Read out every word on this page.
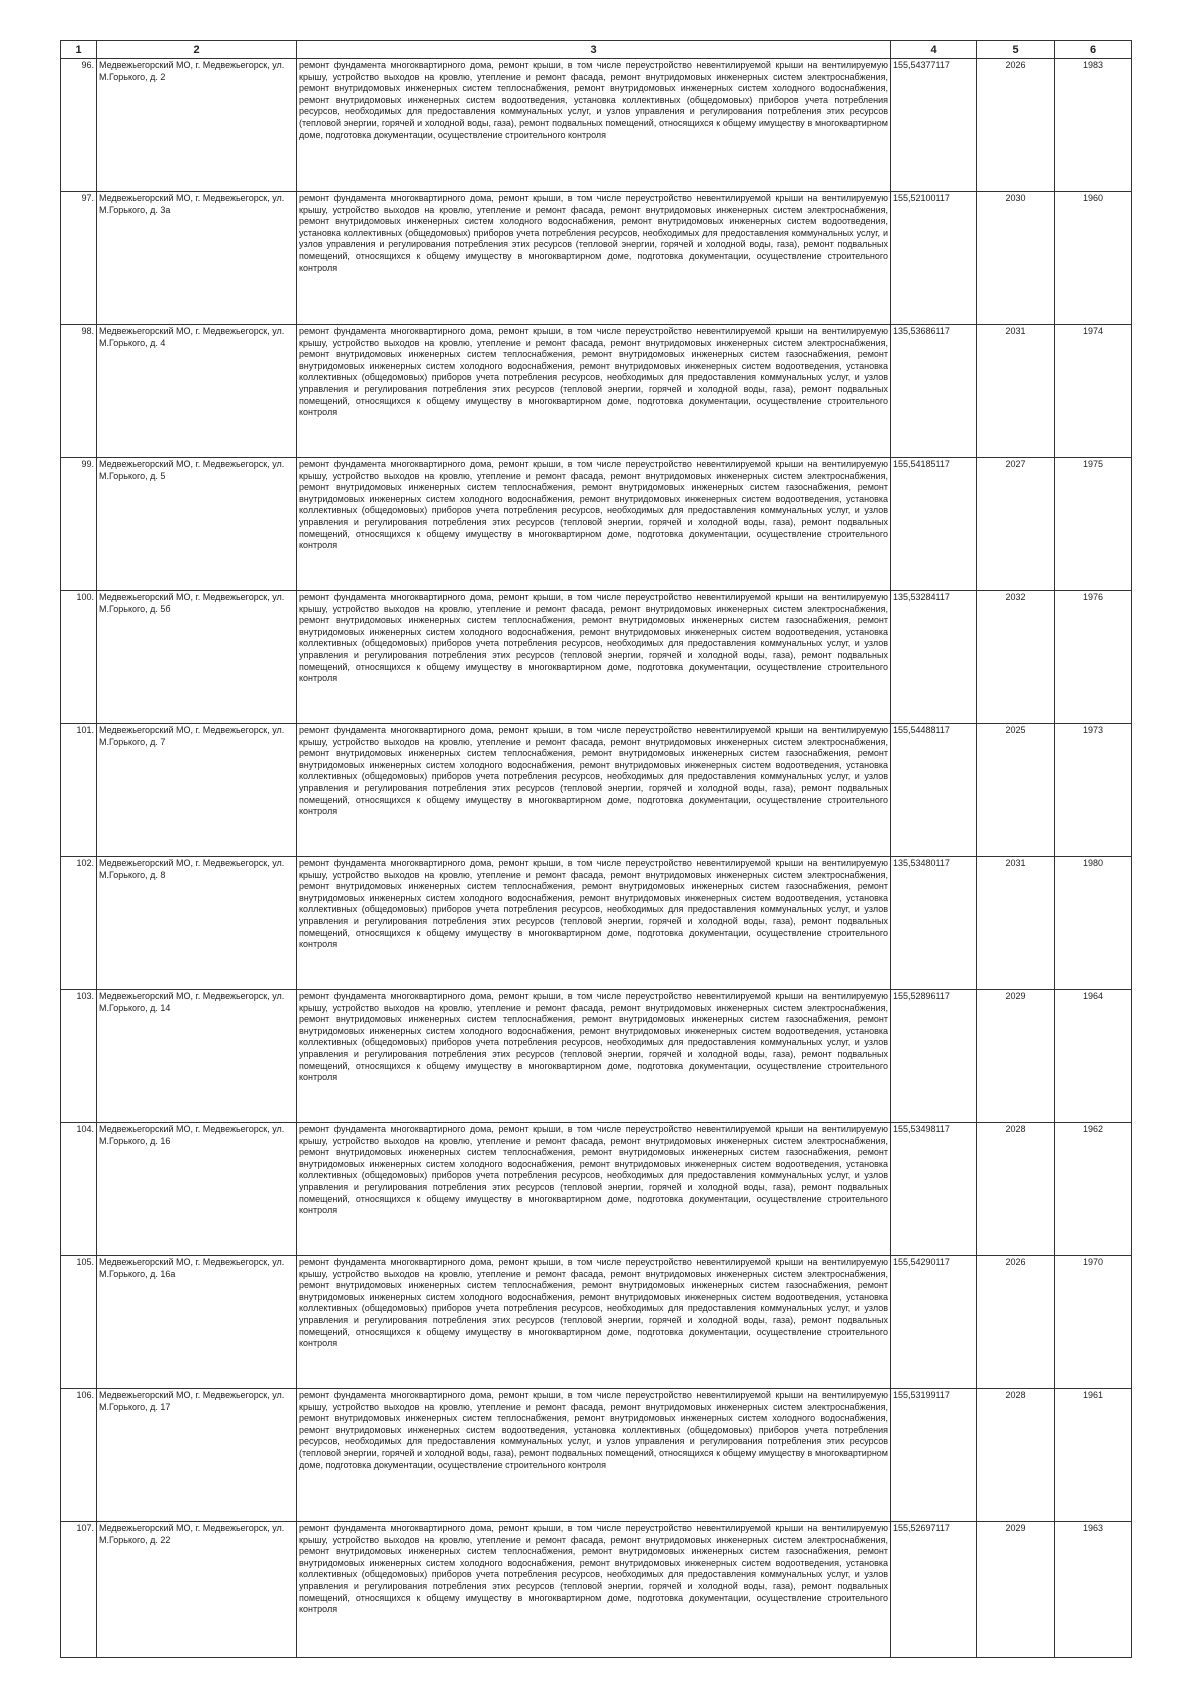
1	2	3	4	5	6
96.	Медвежьегорский МО, г. Медвежьегорск, ул. М.Горького, д. 2	ремонт фундамента многоквартирного дома, ремонт крыши, в том числе переустройство невентилируемой крыши на вентилируемую крышу, устройство выходов на кровлю, утепление и ремонт фасада, ремонт внутридомовых инженерных систем электроснабжения, ремонт внутридомовых инженерных систем теплоснабжения, ремонт внутридомовых инженерных систем холодного водоснабжения, ремонт внутридомовых инженерных систем водоотведения, установка коллективных (общедомовых) приборов учета потребления ресурсов, необходимых для предоставления коммунальных услуг, и узлов управления и регулирования потребления этих ресурсов (тепловой энергии, горячей и холодной воды, газа), ремонт подвальных помещений, относящихся к общему имуществу в многоквартирном доме, подготовка документации, осуществление строительного контроля	155,54377117	2026	1983
97.	Медвежьегорский МО, г. Медвежьегорск, ул. М.Горького, д. 3а	ремонт фундамента многоквартирного дома, ремонт крыши, в том числе переустройство невентилируемой крыши на вентилируемую крышу, устройство выходов на кровлю, утепление и ремонт фасада, ремонт внутридомовых инженерных систем электроснабжения, ремонт внутридомовых инженерных систем холодного водоснабжения, ремонт внутридомовых инженерных систем водоотведения, установка коллективных (общедомовых) приборов учета потребления ресурсов, необходимых для предоставления коммунальных услуг, и узлов управления и регулирования потребления этих ресурсов (тепловой энергии, горячей и холодной воды, газа), ремонт подвальных помещений, относящихся к общему имуществу в многоквартирном доме, подготовка документации, осуществление строительного контроля	155,52100117	2030	1960
98.	Медвежьегорский МО, г. Медвежьегорск, ул. М.Горького, д. 4	ремонт фундамента многоквартирного дома, ремонт крыши, в том числе переустройство невентилируемой крыши на вентилируемую крышу, устройство выходов на кровлю, утепление и ремонт фасада, ремонт внутридомовых инженерных систем электроснабжения, ремонт внутридомовых инженерных систем теплоснабжения, ремонт внутридомовых инженерных систем газоснабжения, ремонт внутридомовых инженерных систем холодного водоснабжения, ремонт внутридомовых инженерных систем водоотведения, установка коллективных (общедомовых) приборов учета потребления ресурсов, необходимых для предоставления коммунальных услуг, и узлов управления и регулирования потребления этих ресурсов (тепловой энергии, горячей и холодной воды, газа), ремонт подвальных помещений, относящихся к общему имуществу в многоквартирном доме, подготовка документации, осуществление строительного контроля	135,53686117	2031	1974
99.	Медвежьегорский МО, г. Медвежьегорск, ул. М.Горького, д. 5	ремонт фундамента многоквартирного дома, ремонт крыши, в том числе переустройство невентилируемой крыши на вентилируемую крышу, устройство выходов на кровлю, утепление и ремонт фасада, ремонт внутридомовых инженерных систем электроснабжения, ремонт внутридомовых инженерных систем теплоснабжения, ремонт внутридомовых инженерных систем газоснабжения, ремонт внутридомовых инженерных систем холодного водоснабжения, ремонт внутридомовых инженерных систем водоотведения, установка коллективных (общедомовых) приборов учета потребления ресурсов, необходимых для предоставления коммунальных услуг, и узлов управления и регулирования потребления этих ресурсов (тепловой энергии, горячей и холодной воды, газа), ремонт подвальных помещений, относящихся к общему имуществу в многоквартирном доме, подготовка документации, осуществление строительного контроля	155,54185117	2027	1975
100.	Медвежьегорский МО, г. Медвежьегорск, ул. М.Горького, д. 5б	ремонт фундамента многоквартирного дома, ремонт крыши, в том числе переустройство невентилируемой крыши на вентилируемую крышу, устройство выходов на кровлю, утепление и ремонт фасада, ремонт внутридомовых инженерных систем электроснабжения, ремонт внутридомовых инженерных систем теплоснабжения, ремонт внутридомовых инженерных систем газоснабжения, ремонт внутридомовых инженерных систем холодного водоснабжения, ремонт внутридомовых инженерных систем водоотведения, установка коллективных (общедомовых) приборов учета потребления ресурсов, необходимых для предоставления коммунальных услуг, и узлов управления и регулирования потребления этих ресурсов (тепловой энергии, горячей и холодной воды, газа), ремонт подвальных помещений, относящихся к общему имуществу в многоквартирном доме, подготовка документации, осуществление строительного контроля	135,53284117	2032	1976
101.	Медвежьегорский МО, г. Медвежьегорск, ул. М.Горького, д. 7	ремонт фундамента многоквартирного дома, ремонт крыши, в том числе переустройство невентилируемой крыши на вентилируемую крышу, устройство выходов на кровлю, утепление и ремонт фасада, ремонт внутридомовых инженерных систем электроснабжения, ремонт внутридомовых инженерных систем теплоснабжения, ремонт внутридомовых инженерных систем газоснабжения, ремонт внутридомовых инженерных систем холодного водоснабжения, ремонт внутридомовых инженерных систем водоотведения, установка коллективных (общедомовых) приборов учета потребления ресурсов, необходимых для предоставления коммунальных услуг, и узлов управления и регулирования потребления этих ресурсов (тепловой энергии, горячей и холодной воды, газа), ремонт подвальных помещений, относящихся к общему имуществу в многоквартирном доме, подготовка документации, осуществление строительного контроля	155,54488117	2025	1973
102.	Медвежьегорский МО, г. Медвежьегорск, ул. М.Горького, д. 8	ремонт фундамента многоквартирного дома, ремонт крыши, в том числе переустройство невентилируемой крыши на вентилируемую крышу, устройство выходов на кровлю, утепление и ремонт фасада, ремонт внутридомовых инженерных систем электроснабжения, ремонт внутридомовых инженерных систем теплоснабжения, ремонт внутридомовых инженерных систем газоснабжения, ремонт внутридомовых инженерных систем холодного водоснабжения, ремонт внутридомовых инженерных систем водоотведения, установка коллективных (общедомовых) приборов учета потребления ресурсов, необходимых для предоставления коммунальных услуг, и узлов управления и регулирования потребления этих ресурсов (тепловой энергии, горячей и холодной воды, газа), ремонт подвальных помещений, относящихся к общему имуществу в многоквартирном доме, подготовка документации, осуществление строительного контроля	135,53480117	2031	1980
103.	Медвежьегорский МО, г. Медвежьегорск, ул. М.Горького, д. 14	ремонт фундамента многоквартирного дома, ремонт крыши, в том числе переустройство невентилируемой крыши на вентилируемую крышу, устройство выходов на кровлю, утепление и ремонт фасада, ремонт внутридомовых инженерных систем электроснабжения, ремонт внутридомовых инженерных систем теплоснабжения, ремонт внутридомовых инженерных систем газоснабжения, ремонт внутридомовых инженерных систем холодного водоснабжения, ремонт внутридомовых инженерных систем водоотведения, установка коллективных (общедомовых) приборов учета потребления ресурсов, необходимых для предоставления коммунальных услуг, и узлов управления и регулирования потребления этих ресурсов (тепловой энергии, горячей и холодной воды, газа), ремонт подвальных помещений, относящихся к общему имуществу в многоквартирном доме, подготовка документации, осуществление строительного контроля	155,52896117	2029	1964
104.	Медвежьегорский МО, г. Медвежьегорск, ул. М.Горького, д. 16	ремонт фундамента многоквартирного дома, ремонт крыши, в том числе переустройство невентилируемой крыши на вентилируемую крышу, устройство выходов на кровлю, утепление и ремонт фасада, ремонт внутридомовых инженерных систем электроснабжения, ремонт внутридомовых инженерных систем теплоснабжения, ремонт внутридомовых инженерных систем газоснабжения, ремонт внутридомовых инженерных систем холодного водоснабжения, ремонт внутридомовых инженерных систем водоотведения, установка коллективных (общедомовых) приборов учета потребления ресурсов, необходимых для предоставления коммунальных услуг, и узлов управления и регулирования потребления этих ресурсов (тепловой энергии, горячей и холодной воды, газа), ремонт подвальных помещений, относящихся к общему имуществу в многоквартирном доме, подготовка документации, осуществление строительного контроля	155,53498117	2028	1962
105.	Медвежьегорский МО, г. Медвежьегорск, ул. М.Горького, д. 16а	ремонт фундамента многоквартирного дома, ремонт крыши, в том числе переустройство невентилируемой крыши на вентилируемую крышу, устройство выходов на кровлю, утепление и ремонт фасада, ремонт внутридомовых инженерных систем электроснабжения, ремонт внутридомовых инженерных систем теплоснабжения, ремонт внутридомовых инженерных систем газоснабжения, ремонт внутридомовых инженерных систем холодного водоснабжения, ремонт внутридомовых инженерных систем водоотведения, установка коллективных (общедомовых) приборов учета потребления ресурсов, необходимых для предоставления коммунальных услуг, и узлов управления и регулирования потребления этих ресурсов (тепловой энергии, горячей и холодной воды, газа), ремонт подвальных помещений, относящихся к общему имуществу в многоквартирном доме, подготовка документации, осуществление строительного контроля	155,54290117	2026	1970
106.	Медвежьегорский МО, г. Медвежьегорск, ул. М.Горького, д. 17	ремонт фундамента многоквартирного дома, ремонт крыши, в том числе переустройство невентилируемой крыши на вентилируемую крышу, устройство выходов на кровлю, утепление и ремонт фасада, ремонт внутридомовых инженерных систем электроснабжения, ремонт внутридомовых инженерных систем теплоснабжения, ремонт внутридомовых инженерных систем холодного водоснабжения, ремонт внутридомовых инженерных систем водоотведения, установка коллективных (общедомовых) приборов учета потребления ресурсов, необходимых для предоставления коммунальных услуг, и узлов управления и регулирования потребления этих ресурсов (тепловой энергии, горячей и холодной воды, газа), ремонт подвальных помещений, относящихся к общему имуществу в многоквартирном доме, подготовка документации, осуществление строительного контроля	155,53199117	2028	1961
107.	Медвежьегорский МО, г. Медвежьегорск, ул. М.Горького, д. 22	ремонт фундамента многоквартирного дома, ремонт крыши, в том числе переустройство невентилируемой крыши на вентилируемую крышу, устройство выходов на кровлю, утепление и ремонт фасада, ремонт внутридомовых инженерных систем электроснабжения, ремонт внутридомовых инженерных систем теплоснабжения, ремонт внутридомовых инженерных систем газоснабжения, ремонт внутридомовых инженерных систем холодного водоснабжения, ремонт внутридомовых инженерных систем водоотведения, установка коллективных (общедомовых) приборов учета потребления ресурсов, необходимых для предоставления коммунальных услуг, и узлов управления и регулирования потребления этих ресурсов (тепловой энергии, горячей и холодной воды, газа), ремонт подвальных помещений, относящихся к общему имуществу в многоквартирном доме, подготовка документации, осуществление строительного контроля	155,52697117	2029	1963
